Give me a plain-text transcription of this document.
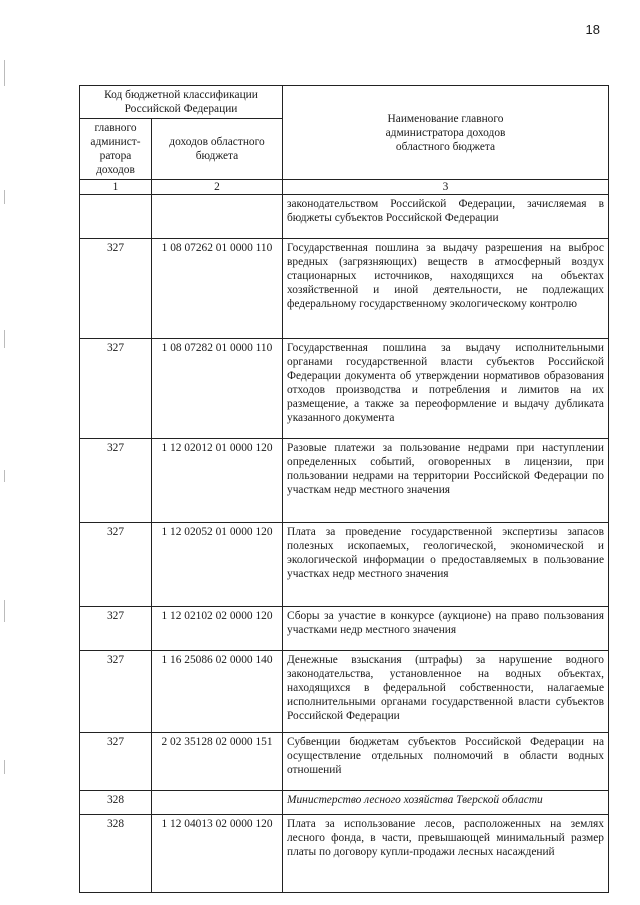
18
Код бюджетной классификации Российской Федерации		Наименование главного администратора доходов областного бюджета
главного админист-ратора доходов	доходов областного бюджета	
1	2	3
		законодательством Российской Федерации, зачисляемая в бюджеты субъектов Российской Федерации
327	1 08 07262 01 0000 110	Государственная пошлина за выдачу разрешения на выброс вредных (загрязняющих) веществ в атмосферный воздух стационарных источников, находящихся на объектах хозяйственной и иной деятельности, не подлежащих федеральному государственному экологическому контролю
327	1 08 07282 01 0000 110	Государственная пошлина за выдачу исполнительными органами государственной власти субъектов Российской Федерации документа об утверждении нормативов образования отходов производства и потребления и лимитов на их размещение, а также за переоформление и выдачу дубликата указанного документа
327	1 12 02012 01 0000 120	Разовые платежи за пользование недрами при наступлении определенных событий, оговоренных в лицензии, при пользовании недрами на территории Российской Федерации по участкам недр местного значения
327	1 12 02052 01 0000 120	Плата за проведение государственной экспертизы запасов полезных ископаемых, геологической, экономической и экологической информации о предоставляемых в пользование участках недр местного значения
327	1 12 02102 02 0000 120	Сборы за участие в конкурсе (аукционе) на право пользования участками недр местного значения
327	1 16 25086 02 0000 140	Денежные взыскания (штрафы) за нарушение водного законодательства, установленное на водных объектах, находящихся в федеральной собственности, налагаемые исполнительными органами государственной власти субъектов Российской Федерации
327	2 02 35128 02 0000 151	Субвенции бюджетам субъектов Российской Федерации на осуществление отдельных полномочий в области водных отношений
328		Министерство лесного хозяйства Тверской области
328	1 12 04013 02 0000 120	Плата за использование лесов, расположенных на землях лесного фонда, в части, превышающей минимальный размер платы по договору купли-продажи лесных насаждений
